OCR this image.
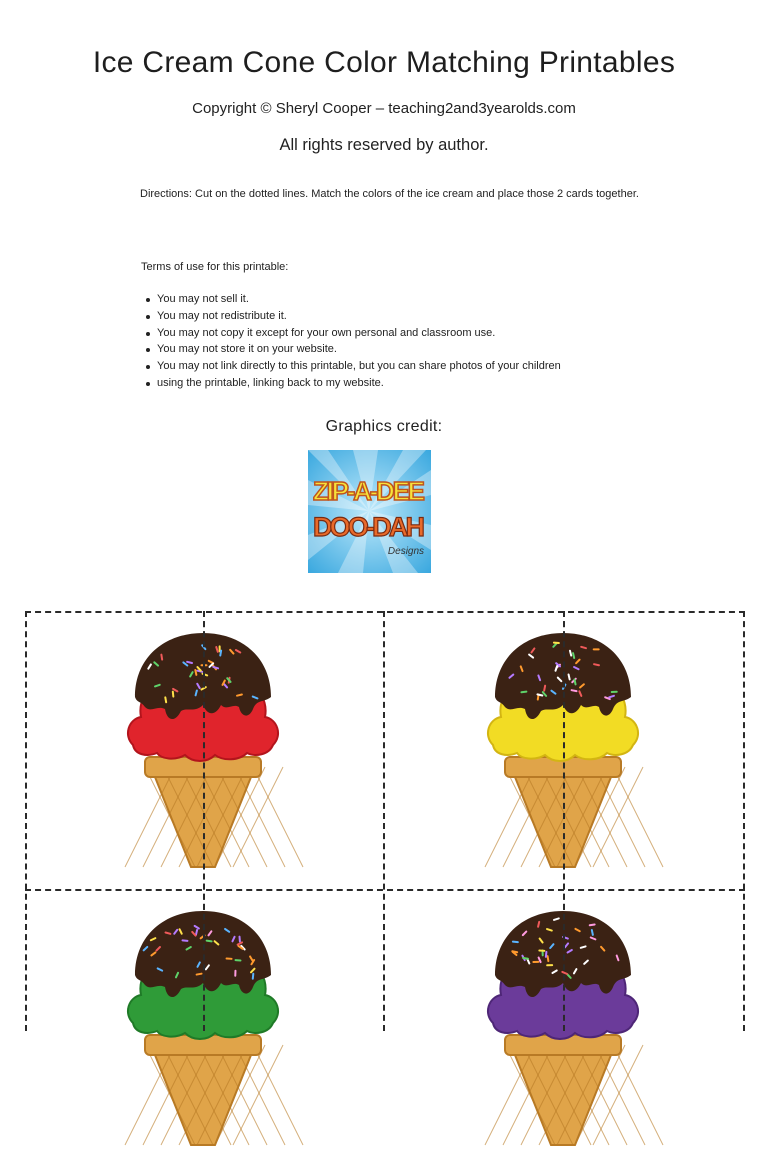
Ice Cream Cone Color Matching Printables
Copyright © Sheryl Cooper – teaching2and3yearolds.com
All rights reserved by author.
Directions: Cut on the dotted lines. Match the colors of the ice cream and place those 2 cards together.
Terms of use for this printable:
You may not sell it.
You may not redistribute it.
You may not copy it except for your own personal and classroom use.
You may not store it on your website.
You may not link directly to this printable, but you can share photos of your children
using the printable, linking back to my website.
Graphics credit:
ZIP-A-DEE
DOO-DAH
Designs
